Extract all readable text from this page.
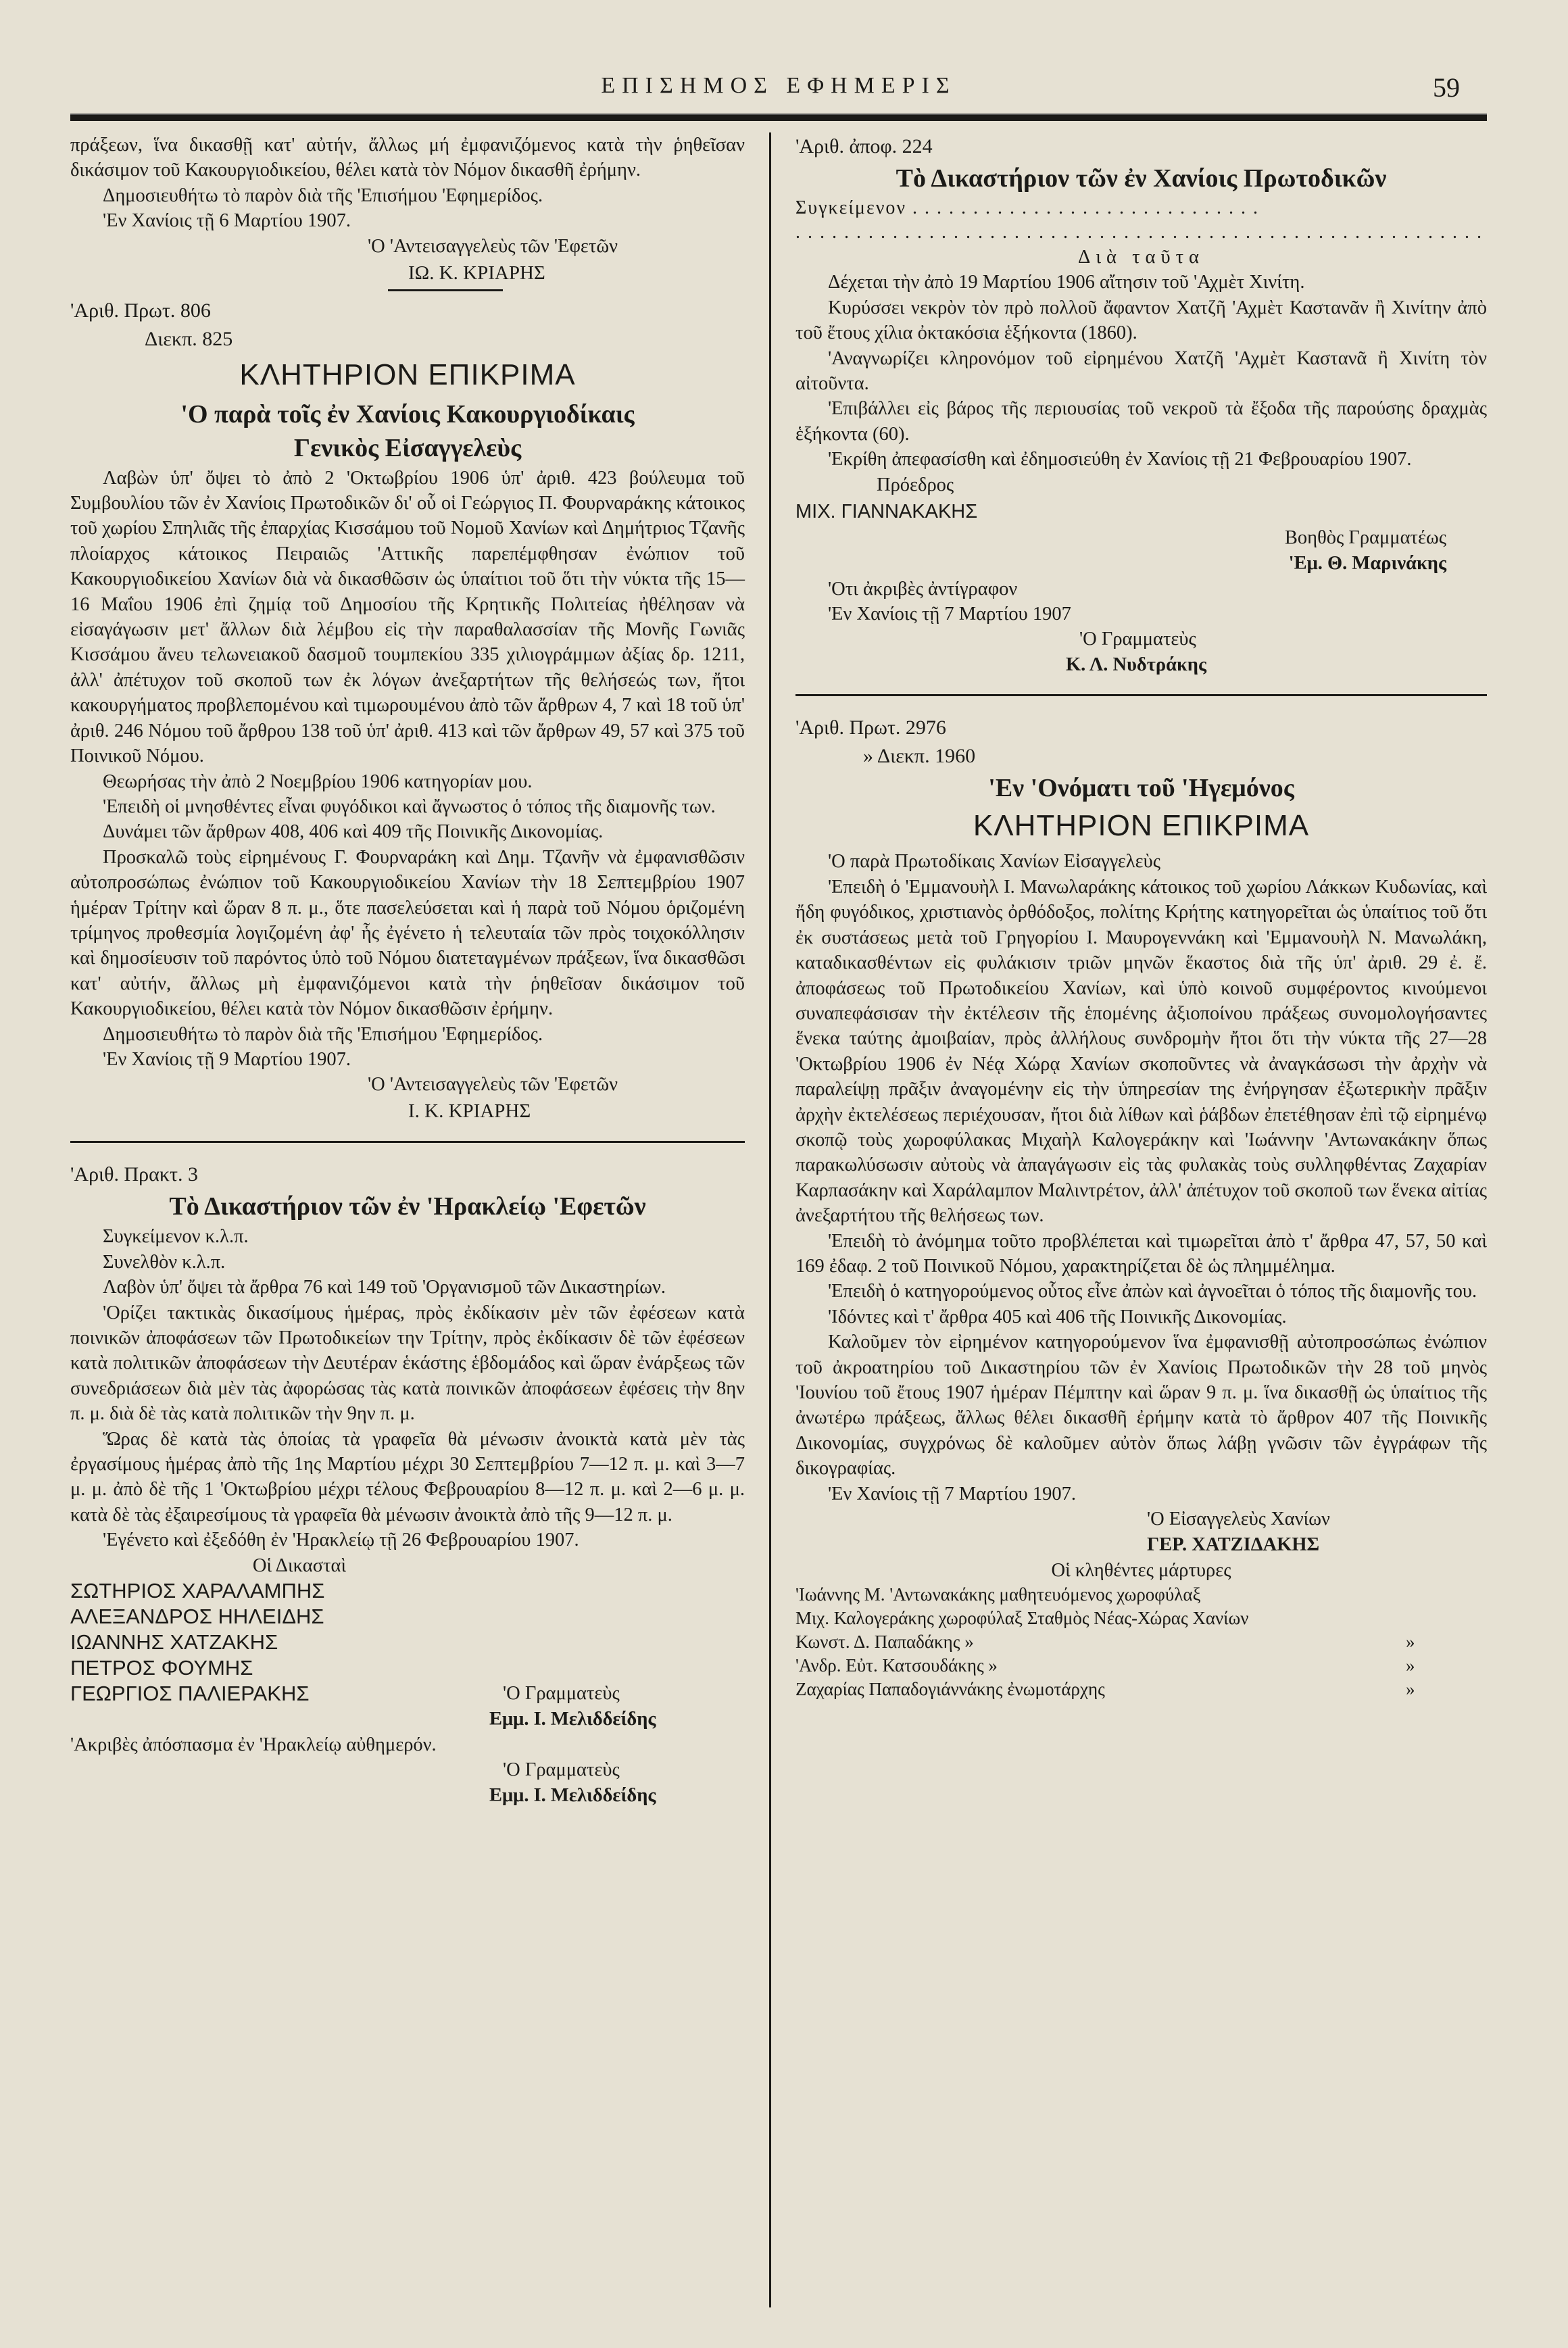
ΕΠΙΣΗΜΟΣ ΕΦΗΜΕΡΙΣ	59

πράξεων, ἵνα δικασθῇ κατ' αὐτήν, ἄλλως μή ἐμφανιζόμενος κατὰ τὴν ῥηθεῖσαν δικάσιμον τοῦ Κακουργιοδικείου, θέλει κατὰ τὸν Νόμον δικασθῆ ἐρήμην.

Δημοσιευθήτω τὸ παρὸν διὰ τῆς 'Επισήμου 'Εφημερίδος.

'Εν Χανίοις τῇ 6 Μαρτίου 1907.

'Ο 'Αντεισαγγελεὺς τῶν 'Εφετῶν

ΙΩ. Κ. ΚΡΙΑΡΗΣ

'Αριθ. Πρωτ. 806

Διεκπ. 825

ΚΛΗΤΗΡΙΟΝ ΕΠΙΚΡΙΜΑ
'Ο παρὰ τοῖς ἐν Χανίοις Κακουργιοδίκαις
Γενικὸς Εἰσαγγελεὺς

Λαβὼν ὑπ' ὄψει τὸ ἀπὸ 2 'Οκτωβρίου 1906 ὑπ' ἀριθ. 423 βούλευμα τοῦ Συμβουλίου τῶν ἐν Χανίοις Πρωτοδικῶν δι' οὗ οἱ Γεώργιος Π. Φουρναράκης κάτοικος τοῦ χωρίου Σπηλιᾶς τῆς ἐπαρχίας Κισσάμου τοῦ Νομοῦ Χανίων καὶ Δημήτριος Τζανῆς πλοίαρχος κάτοικος Πειραιῶς 'Αττικῆς παρεπέμφθησαν ἐνώπιον τοῦ Κακουργιοδικείου Χανίων διὰ νὰ δικασθῶσιν ὡς ὑπαίτιοι τοῦ ὅτι τὴν νύκτα τῆς 15—16 Μαΐου 1906 ἐπὶ ζημίᾳ τοῦ Δημοσίου τῆς Κρητικῆς Πολιτείας ἠθέλησαν νὰ εἰσαγάγωσιν μετ' ἄλλων διὰ λέμβου εἰς τὴν παραθαλασσίαν τῆς Μονῆς Γωνιᾶς Κισσάμου ἄνευ τελωνειακοῦ δασμοῦ τουμπεκίου 335 χιλιογράμμων ἀξίας δρ. 1211, ἀλλ' ἀπέτυχον τοῦ σκοποῦ των ἐκ λόγων ἀνεξαρτήτων τῆς θελήσεώς των, ἤτοι κακουργήματος προβλεπομένου καὶ τιμωρουμένου ἀπὸ τῶν ἄρθρων 4, 7 καὶ 18 τοῦ ὑπ' ἀριθ. 246 Νόμου τοῦ ἄρθρου 138 τοῦ ὑπ' ἀριθ. 413 καὶ τῶν ἄρθρων 49, 57 καὶ 375 τοῦ Ποινικοῦ Νόμου.

Θεωρήσας τὴν ἀπὸ 2 Νοεμβρίου 1906 κατηγορίαν μου.

'Επειδὴ οἱ μνησθέντες εἶναι φυγόδικοι καὶ ἄγνωστος ὁ τόπος τῆς διαμονῆς των.

Δυνάμει τῶν ἄρθρων 408, 406 καὶ 409 τῆς Ποινικῆς Δικονομίας.

Προσκαλῶ τοὺς εἰρημένους Γ. Φουρναράκη καὶ Δημ. Τζανῆν νὰ ἐμφανισθῶσιν αὐτοπροσώπως ἐνώπιον τοῦ Κακουργιοδικείου Χανίων τὴν 18 Σεπτεμβρίου 1907 ἡμέραν Τρίτην καὶ ὥραν 8 π. μ., ὅτε πασελεύσεται καὶ ἡ παρὰ τοῦ Νόμου ὁριζομένη τρίμηνος προθεσμία λογιζομένη ἀφ' ἧς ἐγένετο ἡ τελευταία τῶν πρὸς τοιχοκόλλησιν καὶ δημοσίευσιν τοῦ παρόντος ὑπὸ τοῦ Νόμου διατεταγμένων πράξεων, ἵνα δικασθῶσι κατ' αὐτήν, ἄλλως μὴ ἐμφανιζόμενοι κατὰ τὴν ῥηθεῖσαν δικάσιμον τοῦ Κακουργιοδικείου, θέλει κατὰ τὸν Νόμον δικασθῶσιν ἐρήμην.

Δημοσιευθήτω τὸ παρὸν διὰ τῆς 'Επισήμου 'Εφημερίδος.

'Εν Χανίοις τῇ 9 Μαρτίου 1907.

'Ο 'Αντεισαγγελεὺς τῶν 'Εφετῶν

Ι. Κ. ΚΡΙΑΡΗΣ

'Αριθ. Πρακτ. 3

Τὸ Δικαστήριον τῶν ἐν 'Ηρακλείῳ 'Εφετῶν

Συγκείμενον κ.λ.π.

Συνελθὸν κ.λ.π.

Λαβὸν ὑπ' ὄψει τὰ ἄρθρα 76 καὶ 149 τοῦ 'Οργανισμοῦ τῶν Δικαστηρίων.

'Ορίζει τακτικὰς δικασίμους ἡμέρας, πρὸς ἐκδίκασιν μὲν τῶν ἐφέσεων κατὰ ποινικῶν ἀποφάσεων τῶν Πρωτοδικείων την Τρίτην, πρὸς ἐκδίκασιν δὲ τῶν ἐφέσεων κατὰ πολιτικῶν ἀποφάσεων τὴν Δευτέραν ἑκάστης ἑβδομάδος καὶ ὥραν ἐνάρξεως τῶν συνεδριάσεων διὰ μὲν τὰς ἀφορώσας τὰς κατὰ ποινικῶν ἀποφάσεων ἐφέσεις τὴν 8ην π. μ. διὰ δὲ τὰς κατὰ πολιτικῶν τὴν 9ην π. μ.

Ὥρας δὲ κατὰ τὰς ὁποίας τὰ γραφεῖα θὰ μένωσιν ἀνοικτὰ κατὰ μὲν τὰς ἐργασίμους ἡμέρας ἀπὸ τῆς 1ης Μαρτίου μέχρι 30 Σεπτεμβρίου 7—12 π. μ. καὶ 3—7 μ. μ. ἀπὸ δὲ τῆς 1 'Οκτωβρίου μέχρι τέλους Φεβρουαρίου 8—12 π. μ. καὶ 2—6 μ. μ. κατὰ δὲ τὰς ἐξαιρεσίμους τὰ γραφεῖα θὰ μένωσιν ἀνοικτὰ ἀπὸ τῆς 9—12 π. μ.

'Εγένετο καὶ ἐξεδόθη ἐν 'Ηρακλείῳ τῇ 26 Φεβρουαρίου 1907.

Οἱ Δικασταὶ

ΣΩΤΗΡΙΟΣ ΧΑΡΑΛΑΜΠΗΣ

ΑΛΕΞΑΝΔΡΟΣ ΗΗΛΕΙΔΗΣ

ΙΩΑΝΝΗΣ ΧΑΤΖΑΚΗΣ

ΠΕΤΡΟΣ ΦΟΥΜΗΣ

ΓΕΩΡΓΙΟΣ ΠΑΛΙΕΡΑΚΗΣ	'Ο Γραμματεὺς

Εμμ. Ι. Μελιδδείδης

'Ακριβὲς ἀπόσπασμα ἐν 'Ηρακλείῳ αὐθημερόν.

'Ο Γραμματεὺς

Εμμ. Ι. Μελιδδείδης

'Αριθ. ἀποφ. 224

Τὸ Δικαστήριον τῶν ἐν Χανίοις Πρωτοδικῶν

Συγκείμενον . . . . . . . . . . . . . . . . . . . . . . . . . . . . .

. . . . . . . . . . . . . . . . . . . . . . . . . . . . . . . . . . . . . . . . . . . . . . . . . . . . . . . . .

Διὰ ταῦτα

Δέχεται τὴν ἀπὸ 19 Μαρτίου 1906 αἴτησιν τοῦ 'Αχμὲτ Χινίτη.

Κυρύσσει νεκρὸν τὸν πρὸ πολλοῦ ἄφαντον Χατζῆ 'Αχμὲτ Καστανᾶν ἢ Χινίτην ἀπὸ τοῦ ἔτους χίλια ὀκτακόσια ἑξήκοντα (1860).

'Αναγνωρίζει κληρονόμον τοῦ εἰρημένου Χατζῆ 'Αχμὲτ Καστανᾶ ἢ Χινίτη τὸν αἰτοῦντα.

'Επιβάλλει εἰς βάρος τῆς περιουσίας τοῦ νεκροῦ τὰ ἔξοδα τῆς παρούσης δραχμὰς ἑξήκοντα (60).

'Εκρίθη ἀπεφασίσθη καὶ ἐδημοσιεύθη ἐν Χανίοις τῇ 21 Φεβρουαρίου 1907.

Πρόεδρος

ΜΙΧ. ΓΙΑΝΝΑΚΑΚΗΣ

Βοηθὸς Γραμματέως

'Εμ. Θ. Μαρινάκης

'Οτι ἀκριβὲς ἀντίγραφον

'Εν Χανίοις τῇ 7 Μαρτίου 1907

'Ο Γραμματεὺς

Κ. Λ. Νυδτράκης

'Αριθ. Πρωτ. 2976

» Διεκπ. 1960

'Εν 'Ονόματι τοῦ 'Ηγεμόνος
ΚΛΗΤΗΡΙΟΝ ΕΠΙΚΡΙΜΑ

'Ο παρὰ Πρωτοδίκαις Χανίων Εἰσαγγελεὺς

'Επειδὴ ὁ 'Εμμανουὴλ Ι. Μανωλαράκης κάτοικος τοῦ χωρίου Λάκκων Κυδωνίας, καὶ ἤδη φυγόδικος, χριστιανὸς ὀρθόδοξος, πολίτης Κρήτης κατηγορεῖται ὡς ὑπαίτιος τοῦ ὅτι ἐκ συστάσεως μετὰ τοῦ Γρηγορίου Ι. Μαυρογεννάκη καὶ 'Εμμανουὴλ Ν. Μανωλάκη, καταδικασθέντων εἰς φυλάκισιν τριῶν μηνῶν ἕκαστος διὰ τῆς ὑπ' ἀριθ. 29 ἐ. ἔ. ἀποφάσεως τοῦ Πρωτοδικείου Χανίων, καὶ ὑπὸ κοινοῦ συμφέροντος κινούμενοι συναπεφάσισαν τὴν ἐκτέλεσιν τῆς ἑπομένης ἀξιοποίνου πράξεως συνομολογήσαντες ἕνεκα ταύτης ἀμοιβαίαν, πρὸς ἀλλήλους συνδρομὴν ἤτοι ὅτι τὴν νύκτα τῆς 27—28 'Οκτωβρίου 1906 ἐν Νέᾳ Χώρᾳ Χανίων σκοποῦντες νὰ ἀναγκάσωσι τὴν ἀρχὴν νὰ παραλείψῃ πρᾶξιν ἀναγομένην εἰς τὴν ὑπηρεσίαν της ἐνήργησαν ἐξωτερικὴν πρᾶξιν ἀρχὴν ἐκτελέσεως περιέχουσαν, ἤτοι διὰ λίθων καὶ ῥάβδων ἐπετέθησαν ἐπὶ τῷ εἰρημένῳ σκοπῷ τοὺς χωροφύλακας Μιχαὴλ Καλογεράκην καὶ 'Ιωάννην 'Αντωνακάκην ὅπως παρακωλύσωσιν αὐτοὺς νὰ ἀπαγάγωσιν εἰς τὰς φυλακὰς τοὺς συλληφθέντας Ζαχαρίαν Καρπασάκην καὶ Χαράλαμπον Μαλιντρέτον, ἀλλ' ἀπέτυχον τοῦ σκοποῦ των ἕνεκα αἰτίας ἀνεξαρτήτου τῆς θελήσεως των.

'Επειδὴ τὸ ἀνόμημα τοῦτο προβλέπεται καὶ τιμωρεῖται ἀπὸ τ' ἄρθρα 47, 57, 50 καὶ 169 ἐδαφ. 2 τοῦ Ποινικοῦ Νόμου, χαρακτηρίζεται δὲ ὡς πλημμέλημα.

'Επειδὴ ὁ κατηγορούμενος οὗτος εἶνε ἀπὼν καὶ ἀγνοεῖται ὁ τόπος τῆς διαμονῆς του.

'Ιδόντες καὶ τ' ἄρθρα 405 καὶ 406 τῆς Ποινικῆς Δικονομίας.

Καλοῦμεν τὸν εἰρημένον κατηγορούμενον ἵνα ἐμφανισθῇ αὐτοπροσώπως ἐνώπιον τοῦ ἀκροατηρίου τοῦ Δικαστηρίου τῶν ἐν Χανίοις Πρωτοδικῶν τὴν 28 τοῦ μηνὸς 'Ιουνίου τοῦ ἔτους 1907 ἡμέραν Πέμπτην καὶ ὥραν 9 π. μ. ἵνα δικασθῇ ὡς ὑπαίτιος τῆς ἀνωτέρω πράξεως, ἄλλως θέλει δικασθῆ ἐρήμην κατὰ τὸ ἄρθρον 407 τῆς Ποινικῆς Δικονομίας, συγχρόνως δὲ καλοῦμεν αὐτὸν ὅπως λάβῃ γνῶσιν τῶν ἐγγράφων τῆς δικογραφίας.

'Εν Χανίοις τῇ 7 Μαρτίου 1907.

'Ο Εἰσαγγελεὺς Χανίων

ΓΕΡ. ΧΑΤΖΙΔΑΚΗΣ

Οἱ κληθέντες μάρτυρες

'Ιωάννης Μ. 'Αντωνακάκης μαθητευόμενος χωροφύλαξ
Μιχ. Καλογεράκης χωροφύλαξ Σταθμὸς Νέας-Χώρας Χανίων
Κωνστ. Δ. Παπαδάκης »	»
'Ανδρ. Εὐτ. Κατσουδάκης »	»
Ζαχαρίας Παπαδογιάννάκης ἐνωμοτάρχης	»
